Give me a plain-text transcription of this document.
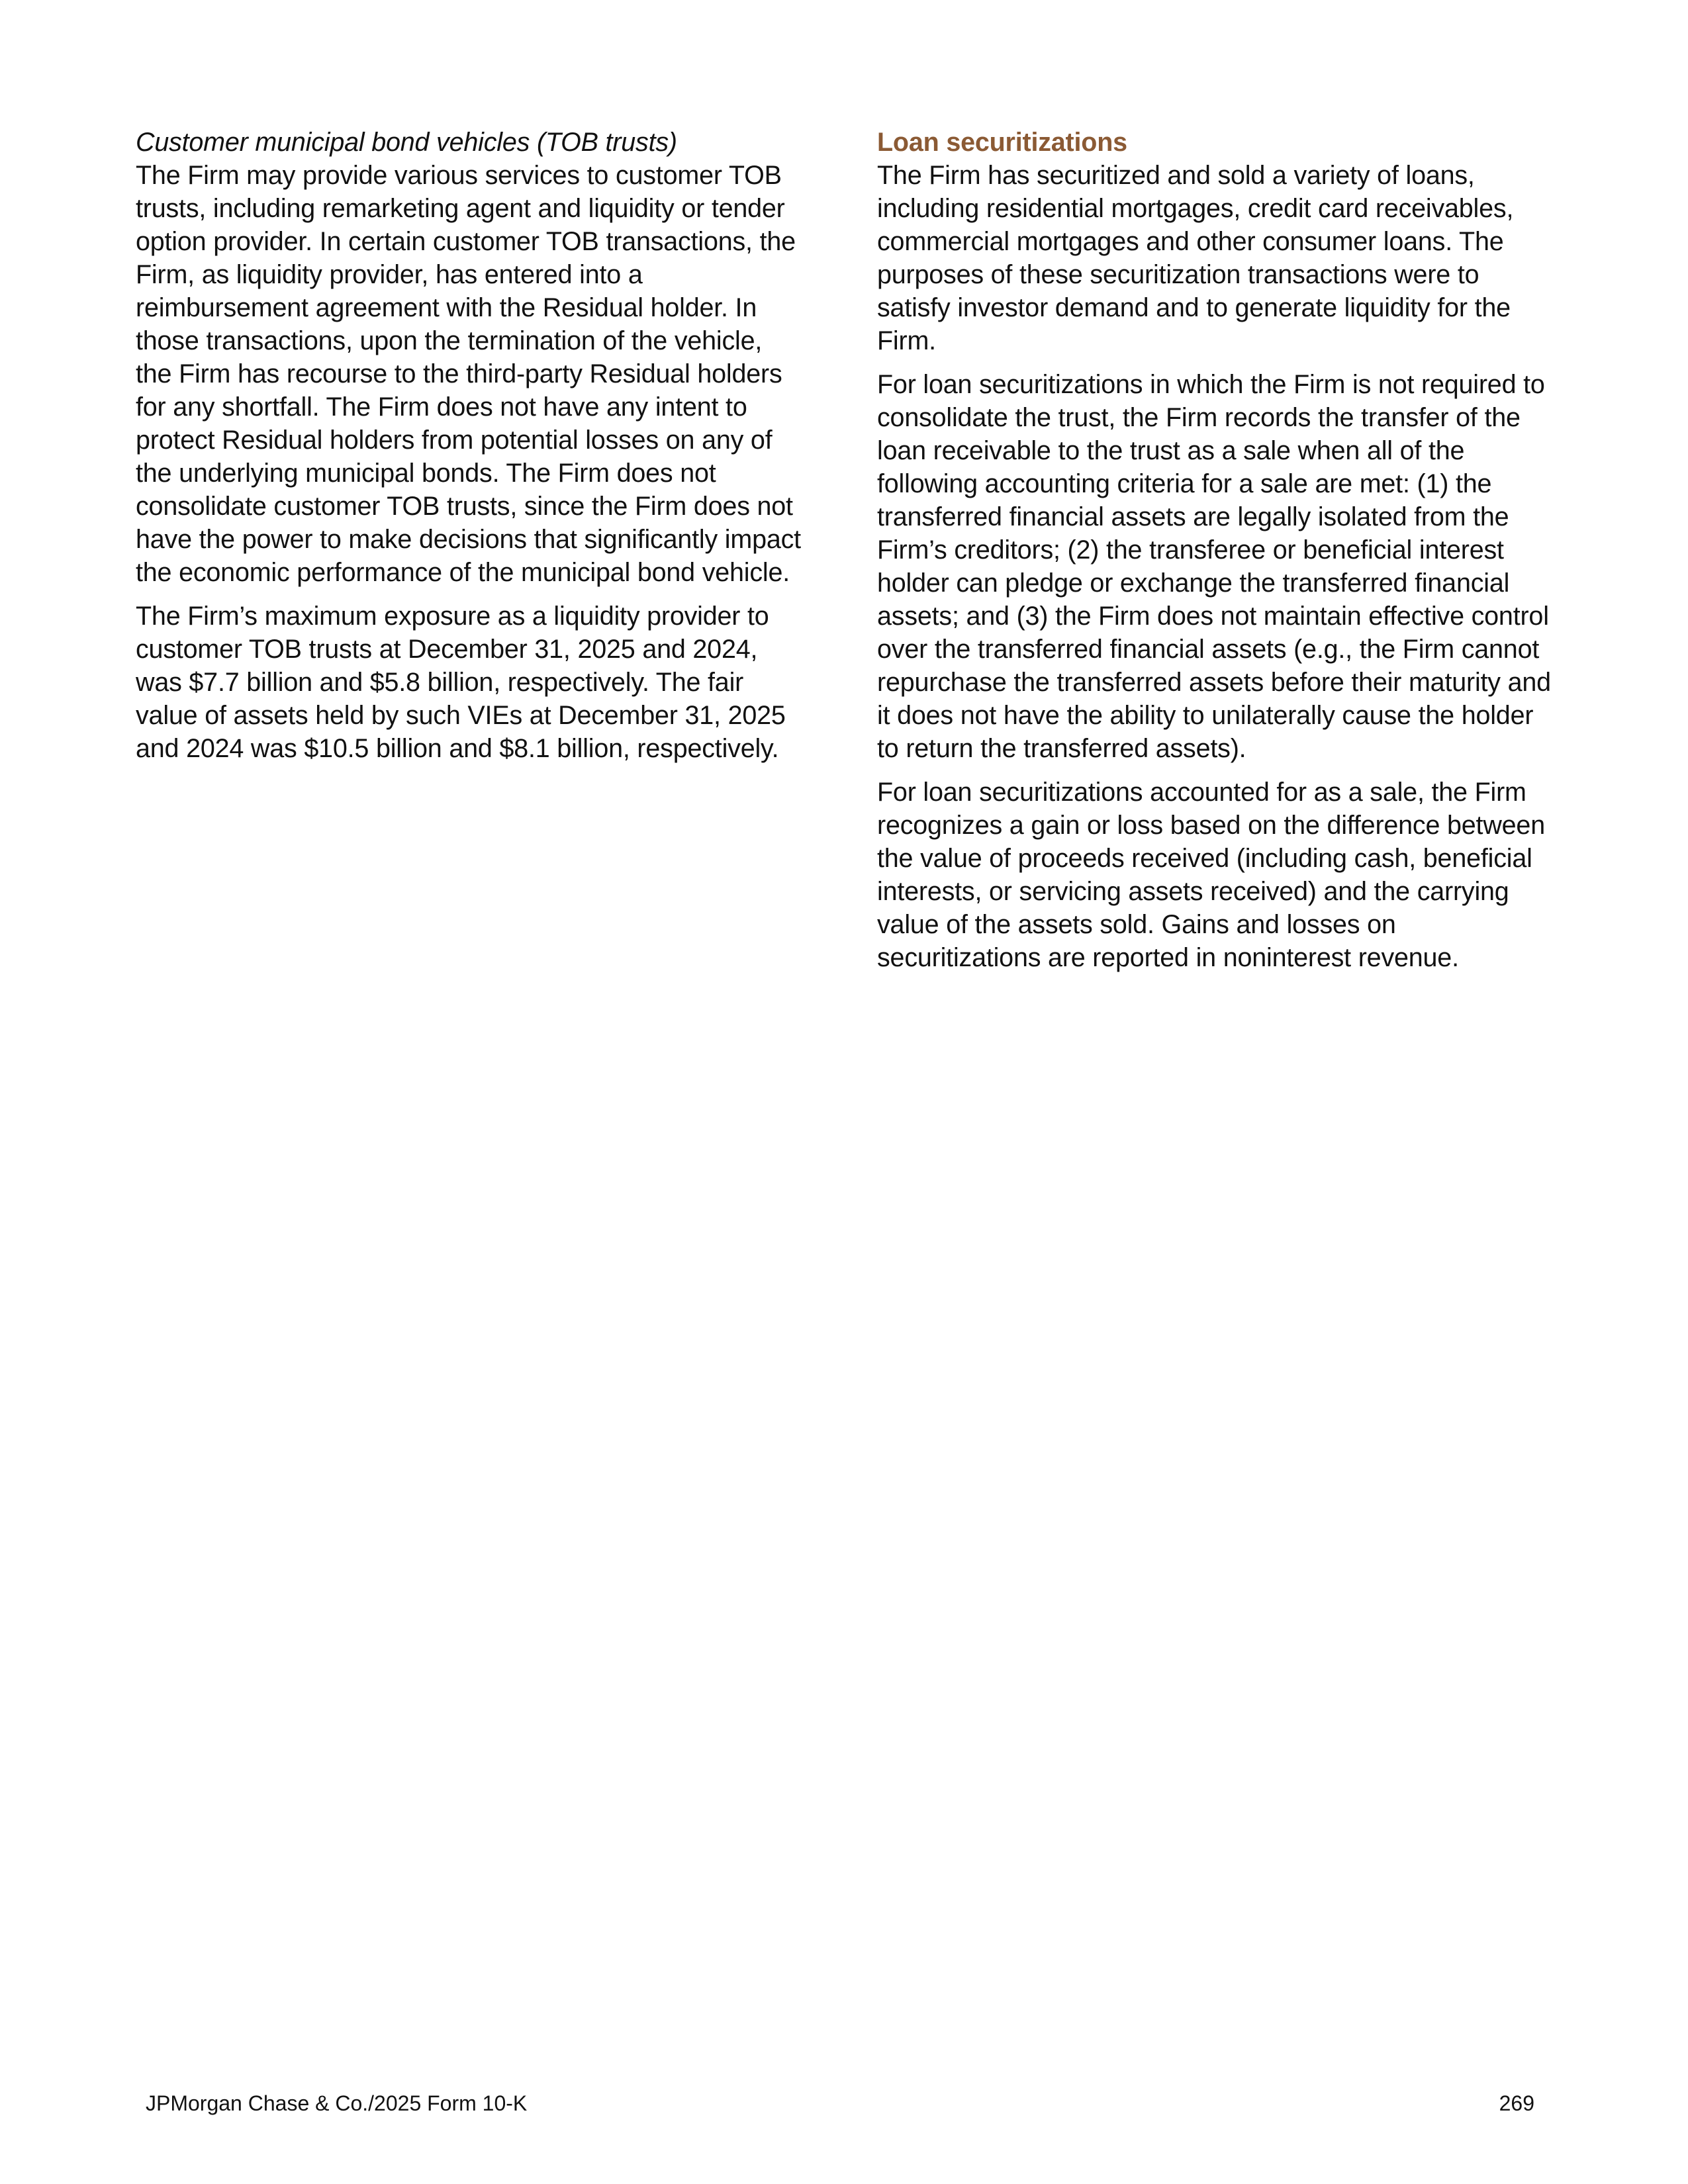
Customer municipal bond vehicles (TOB trusts)

The Firm may provide various services to customer TOB trusts, including remarketing agent and liquidity or tender option provider. In certain customer TOB transactions, the Firm, as liquidity provider, has entered into a reimbursement agreement with the Residual holder. In those transactions, upon the termination of the vehicle, the Firm has recourse to the third-party Residual holders for any shortfall. The Firm does not have any intent to protect Residual holders from potential losses on any of the underlying municipal bonds. The Firm does not consolidate customer TOB trusts, since the Firm does not have the power to make decisions that significantly impact the economic performance of the municipal bond vehicle.

The Firm’s maximum exposure as a liquidity provider to customer TOB trusts at December 31, 2025 and 2024, was $7.7 billion and $5.8 billion, respectively. The fair value of assets held by such VIEs at December 31, 2025 and 2024 was $10.5 billion and $8.1 billion, respectively.

Loan securitizations

The Firm has securitized and sold a variety of loans, including residential mortgages, credit card receivables, commercial mortgages and other consumer loans. The purposes of these securitization transactions were to satisfy investor demand and to generate liquidity for the Firm.

For loan securitizations in which the Firm is not required to consolidate the trust, the Firm records the transfer of the loan receivable to the trust as a sale when all of the following accounting criteria for a sale are met: (1) the transferred financial assets are legally isolated from the Firm’s creditors; (2) the transferee or beneficial interest holder can pledge or exchange the transferred financial assets; and (3) the Firm does not maintain effective control over the transferred financial assets (e.g., the Firm cannot repurchase the transferred assets before their maturity and it does not have the ability to unilaterally cause the holder to return the transferred assets).

For loan securitizations accounted for as a sale, the Firm recognizes a gain or loss based on the difference between the value of proceeds received (including cash, beneficial interests, or servicing assets received) and the carrying value of the assets sold. Gains and losses on securitizations are reported in noninterest revenue.

JPMorgan Chase & Co./2025 Form 10-K	269
